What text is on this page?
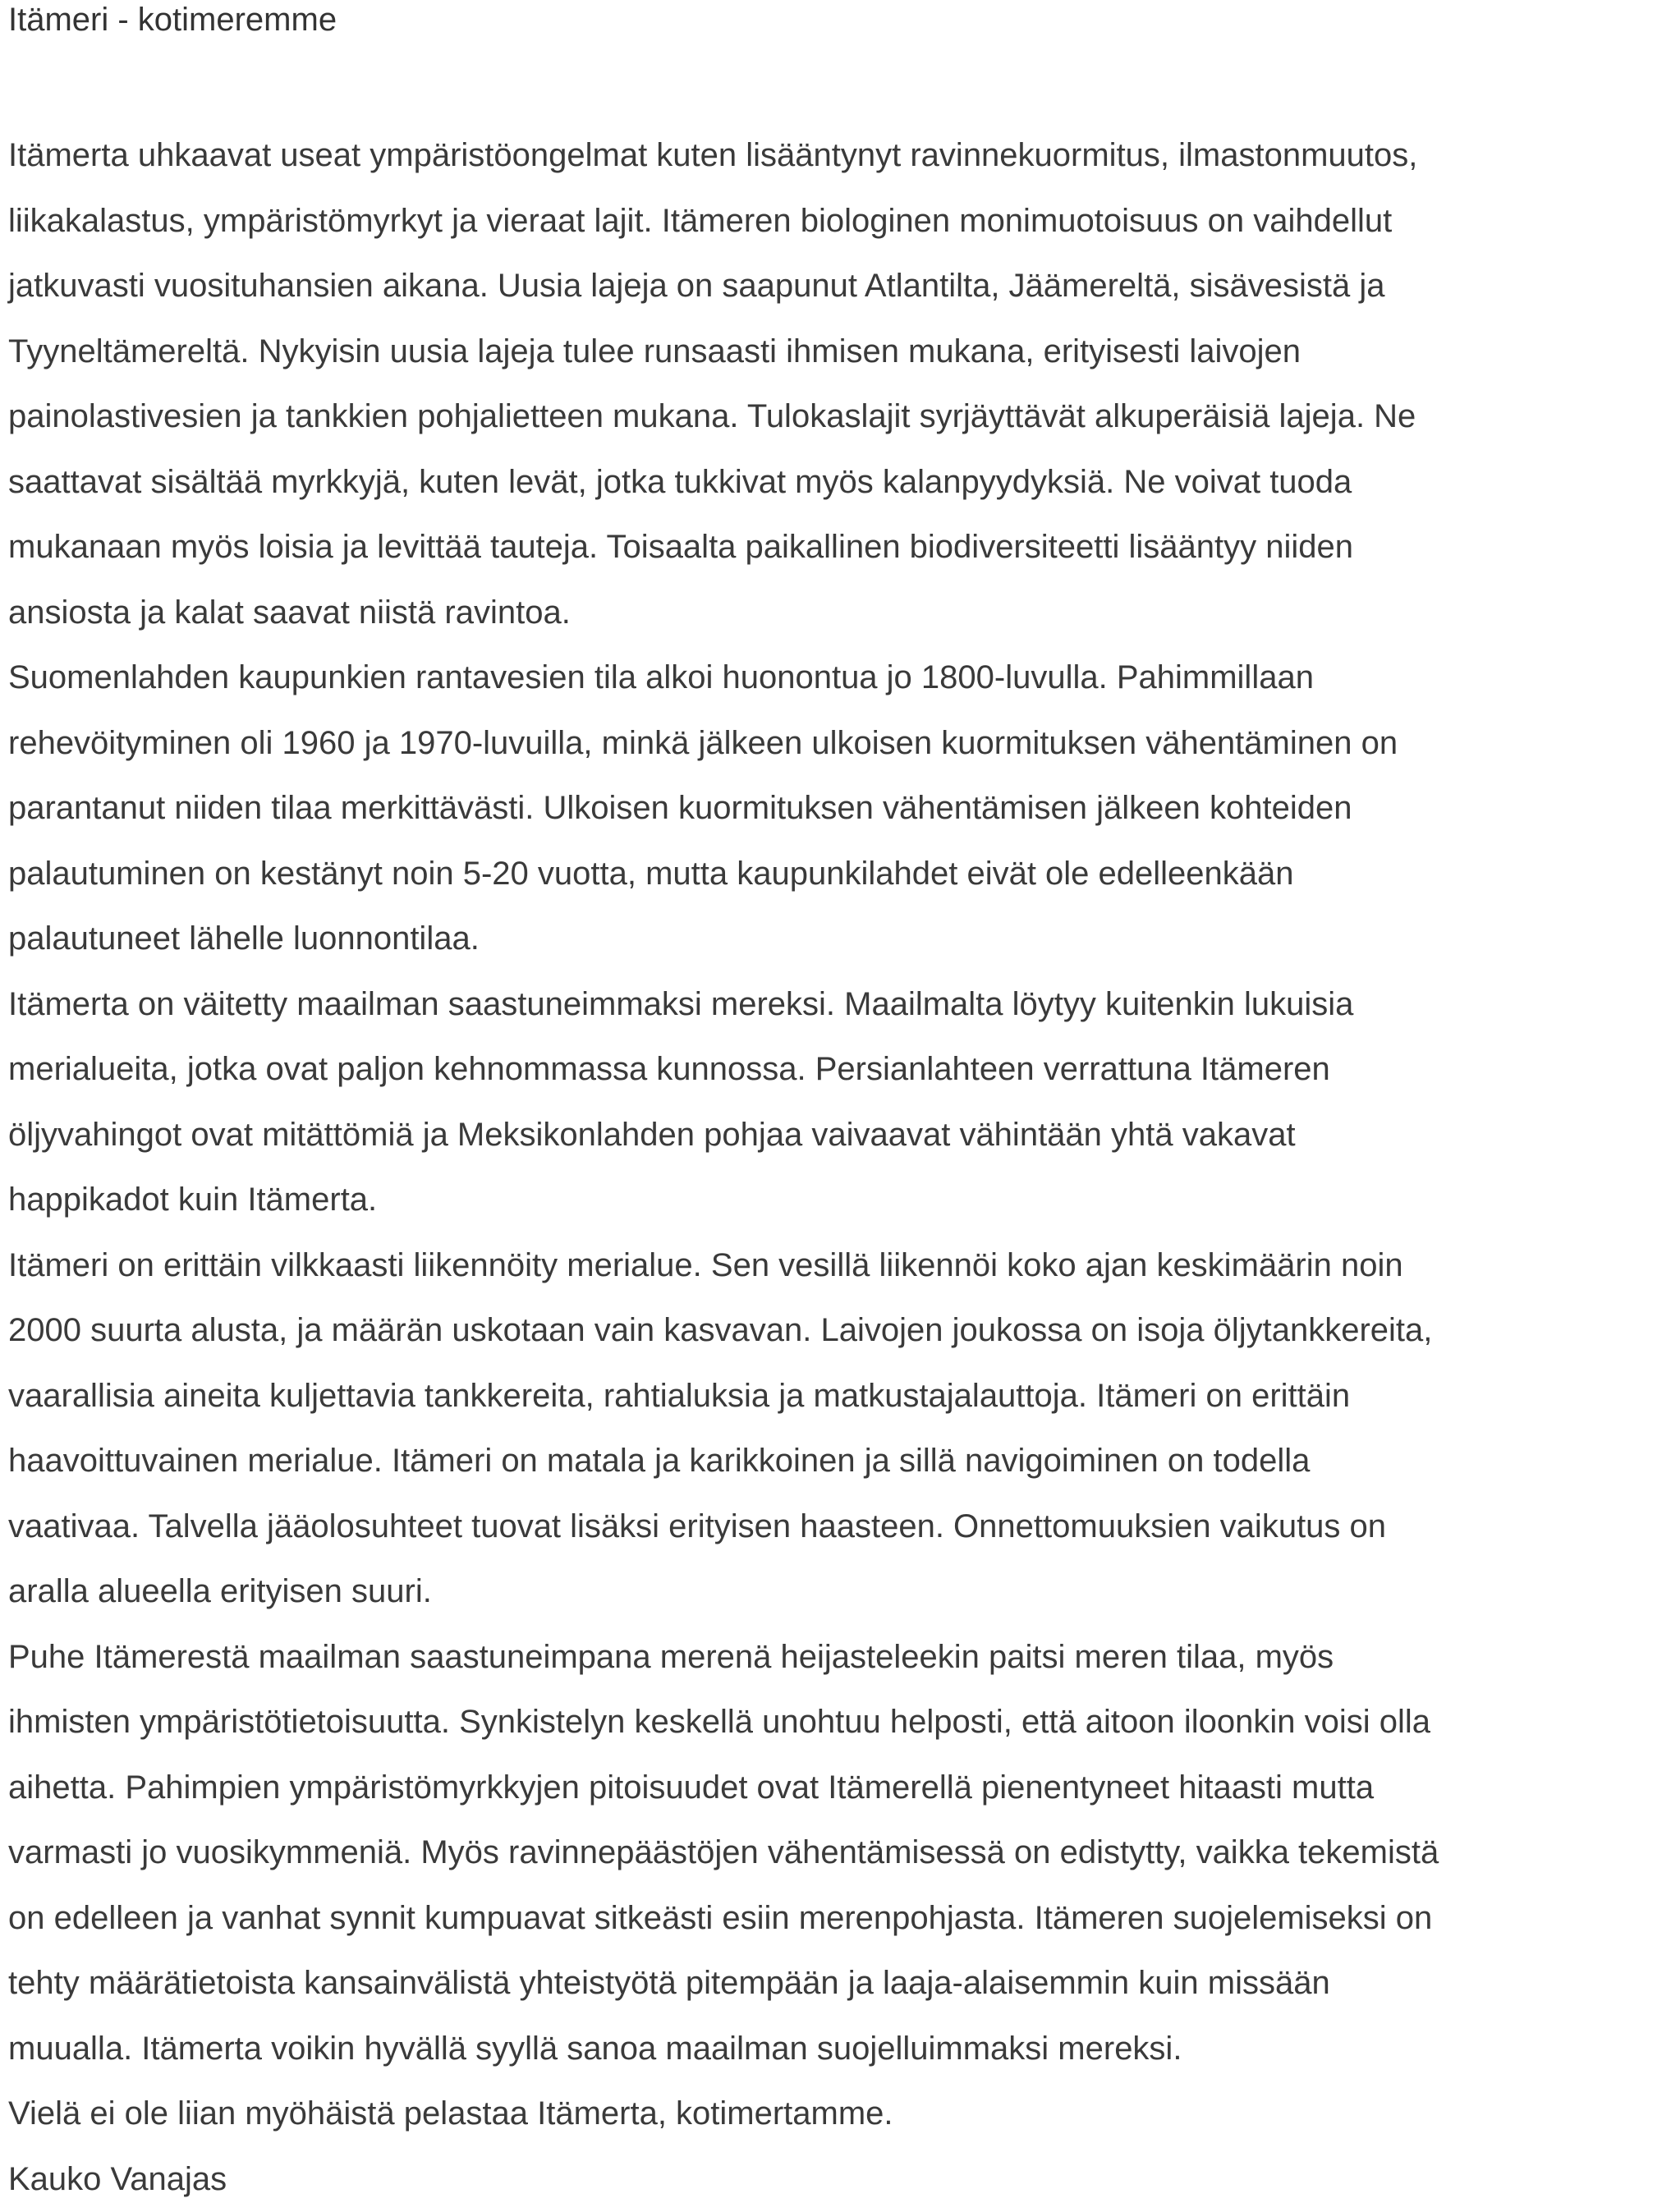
Itämeri - kotimeremme
Itämerta uhkaavat useat ympäristöongelmat kuten lisääntynyt ravinnekuormitus, ilmastonmuutos,
liikakalastus, ympäristömyrkyt ja vieraat lajit. Itämeren biologinen monimuotoisuus on vaihdellut
jatkuvasti vuosituhansien aikana. Uusia lajeja on saapunut Atlantilta, Jäämereltä, sisävesistä ja
Tyyneltämereltä. Nykyisin uusia lajeja tulee runsaasti ihmisen mukana, erityisesti laivojen
painolastivesien ja tankkien pohjalietteen mukana. Tulokaslajit syrjäyttävät alkuperäisiä lajeja. Ne
saattavat sisältää myrkkyjä, kuten levät, jotka tukkivat myös kalanpyydyksiä. Ne voivat tuoda
mukanaan myös loisia ja levittää tauteja. Toisaalta paikallinen biodiversiteetti lisääntyy niiden
ansiosta ja kalat saavat niistä ravintoa.
Suomenlahden kaupunkien rantavesien tila alkoi huonontua jo 1800-luvulla. Pahimmillaan
rehevöityminen oli 1960 ja 1970-luvuilla, minkä jälkeen ulkoisen kuormituksen vähentäminen on
parantanut niiden tilaa merkittävästi. Ulkoisen kuormituksen vähentämisen jälkeen kohteiden
palautuminen on kestänyt noin 5-20 vuotta, mutta kaupunkilahdet eivät ole edelleenkään
palautuneet lähelle luonnontilaa.
Itämerta on väitetty maailman saastuneimmaksi mereksi. Maailmalta löytyy kuitenkin lukuisia
merialueita, jotka ovat paljon kehnommassa kunnossa. Persianlahteen verrattuna Itämeren
öljyvahingot ovat mitättömiä ja Meksikonlahden pohjaa vaivaavat vähintään yhtä vakavat
happikadot kuin Itämerta.
Itämeri on erittäin vilkkaasti liikennöity merialue. Sen vesillä liikennöi koko ajan keskimäärin noin
2000 suurta alusta, ja määrän uskotaan vain kasvavan. Laivojen joukossa on isoja öljytankkereita,
vaarallisia aineita kuljettavia tankkereita, rahtialuksia ja matkustajalauttoja. Itämeri on erittäin
haavoittuvainen merialue. Itämeri on matala ja karikkoinen ja sillä navigoiminen on todella
vaativaa. Talvella jääolosuhteet tuovat lisäksi erityisen haasteen. Onnettomuuksien vaikutus on
aralla alueella erityisen suuri.
Puhe Itämerestä maailman saastuneimpana merenä heijasteleekin paitsi meren tilaa, myös
ihmisten ympäristötietoisuutta. Synkistelyn keskellä unohtuu helposti, että aitoon iloonkin voisi olla
aihetta. Pahimpien ympäristömyrkkyjen pitoisuudet ovat Itämerellä pienentyneet hitaasti mutta
varmasti jo vuosikymmeniä. Myös ravinnepäästöjen vähentämisessä on edistytty, vaikka tekemistä
on edelleen ja vanhat synnit kumpuavat sitkeästi esiin merenpohjasta. Itämeren suojelemiseksi on
tehty määrätietoista kansainvälistä yhteistyötä pitempään ja laaja-alaisemmin kuin missään
muualla. Itämerta voikin hyvällä syyllä sanoa maailman suojelluimmaksi mereksi.
Vielä ei ole liian myöhäistä pelastaa Itämerta, kotimertamme.
Kauko Vanajas
